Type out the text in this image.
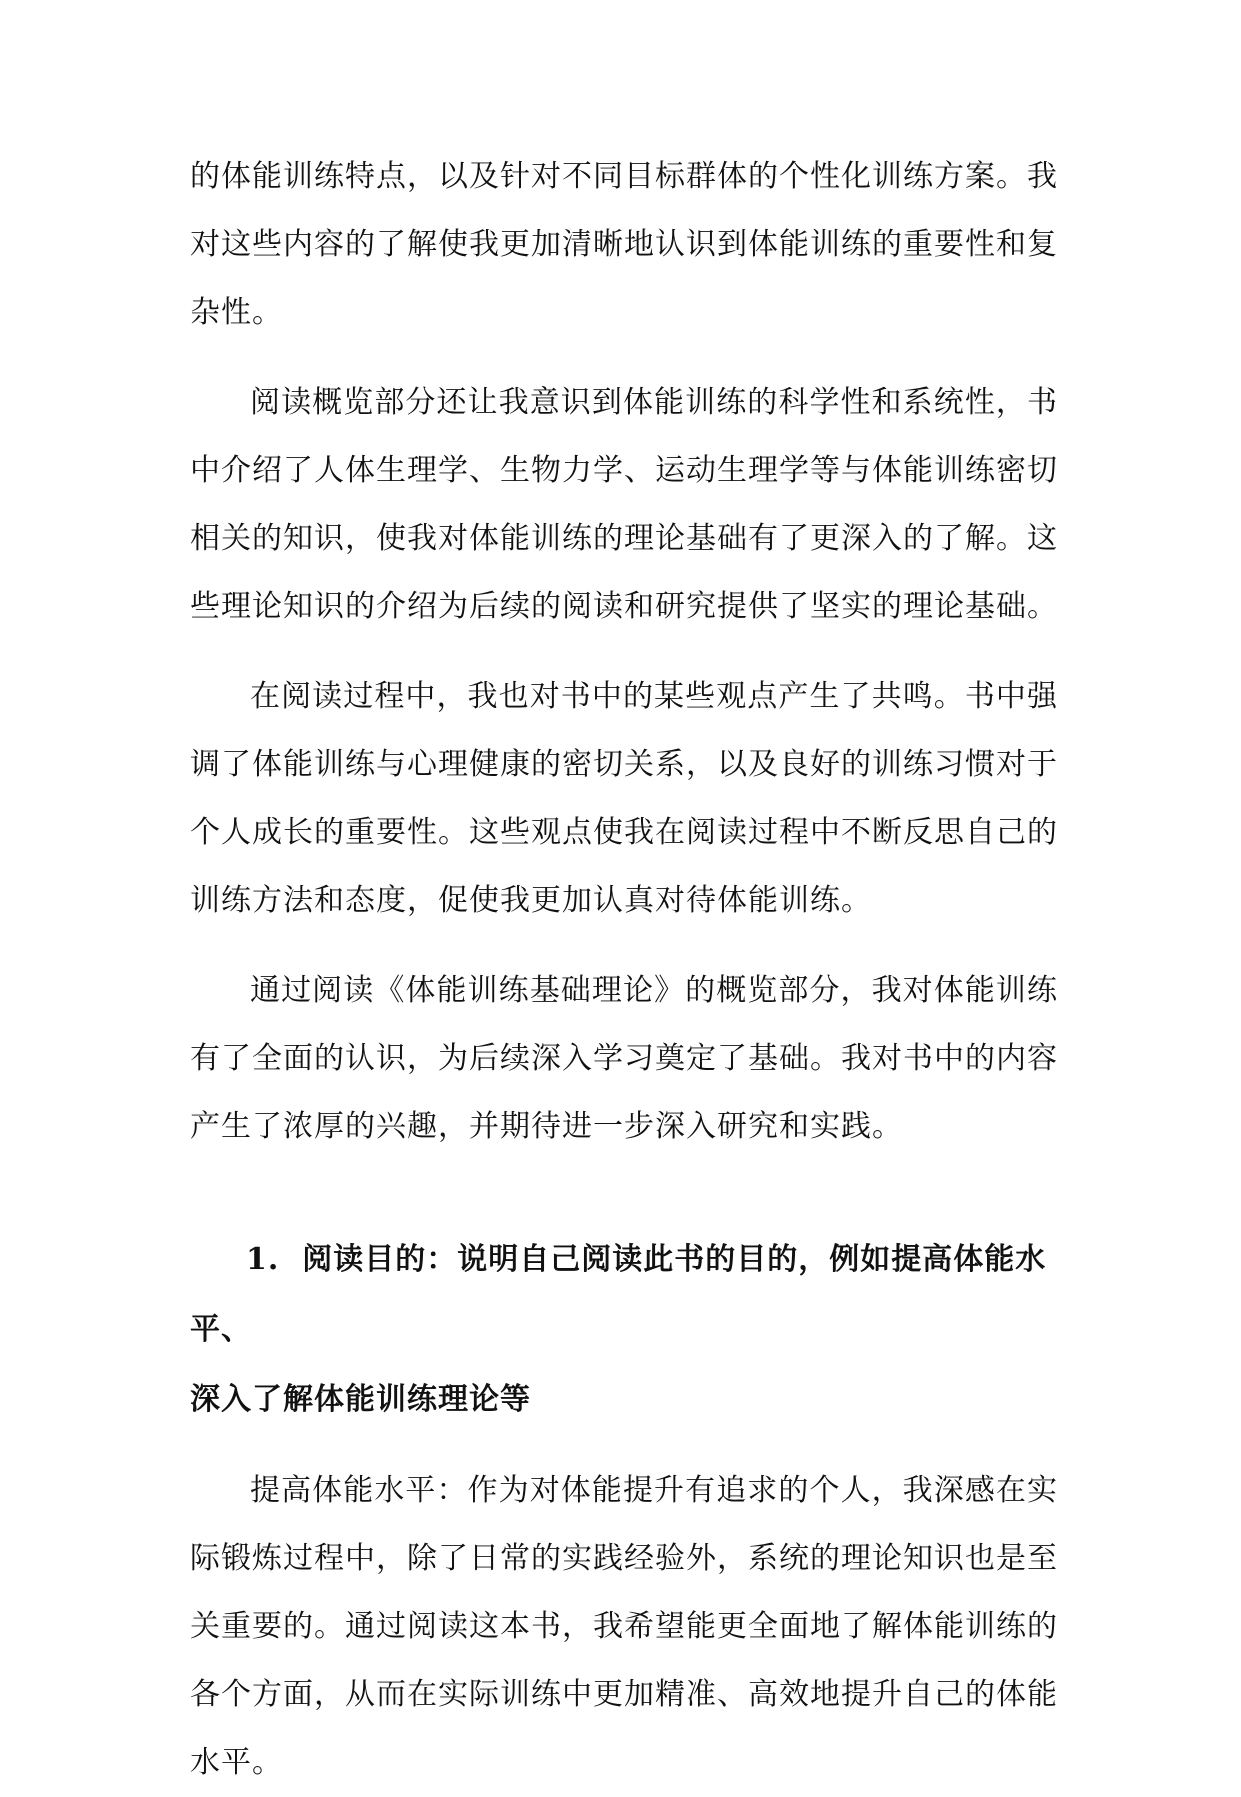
的体能训练特点，以及针对不同目标群体的个性化训练方案。我对这些内容的了解使我更加清晰地认识到体能训练的重要性和复杂性。

阅读概览部分还让我意识到体能训练的科学性和系统性，书中介绍了人体生理学、生物力学、运动生理学等与体能训练密切相关的知识，使我对体能训练的理论基础有了更深入的了解。这些理论知识的介绍为后续的阅读和研究提供了坚实的理论基础。

在阅读过程中，我也对书中的某些观点产生了共鸣。书中强调了体能训练与心理健康的密切关系，以及良好的训练习惯对于个人成长的重要性。这些观点使我在阅读过程中不断反思自己的训练方法和态度，促使我更加认真对待体能训练。

通过阅读《体能训练基础理论》的概览部分，我对体能训练有了全面的认识，为后续深入学习奠定了基础。我对书中的内容产生了浓厚的兴趣，并期待进一步深入研究和实践。

1. 阅读目的：说明自己阅读此书的目的，例如提高体能水平、
深入了解体能训练理论等

提高体能水平：作为对体能提升有追求的个人，我深感在实际锻炼过程中，除了日常的实践经验外，系统的理论知识也是至关重要的。通过阅读这本书，我希望能更全面地了解体能训练的各个方面，从而在实际训练中更加精准、高效地提升自己的体能水平。
